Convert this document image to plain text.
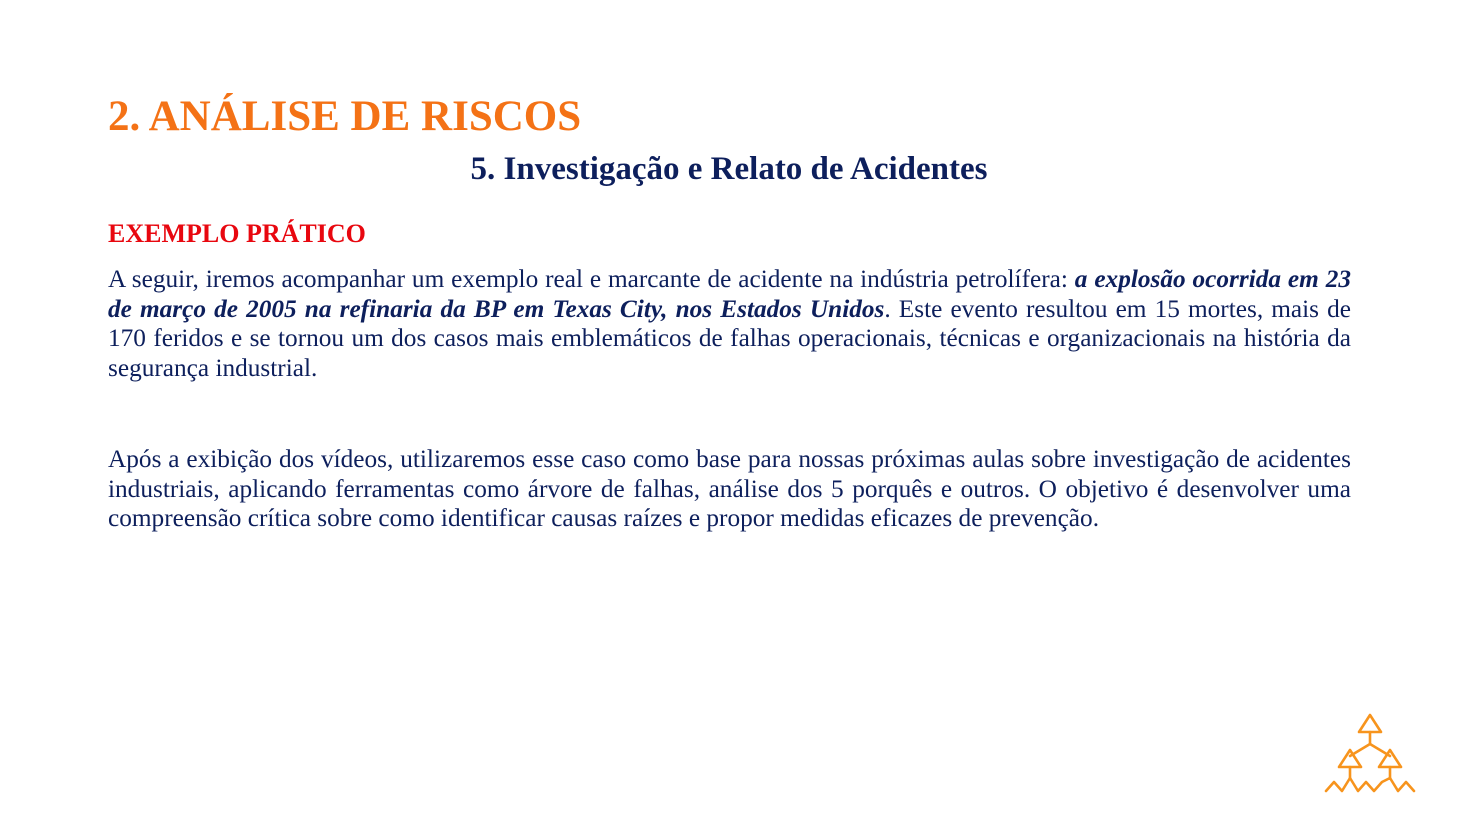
2. ANÁLISE DE RISCOS
5. Investigação e Relato de Acidentes
EXEMPLO PRÁTICO

A seguir, iremos acompanhar um exemplo real e marcante de acidente na indústria petrolífera: a explosão ocorrida em 23 de março de 2005 na refinaria da BP em Texas City, nos Estados Unidos. Este evento resultou em 15 mortes, mais de 170 feridos e se tornou um dos casos mais emblemáticos de falhas operacionais, técnicas e organizacionais na história da segurança industrial.

Após a exibição dos vídeos, utilizaremos esse caso como base para nossas próximas aulas sobre investigação de acidentes industriais, aplicando ferramentas como árvore de falhas, análise dos 5 porquês e outros. O objetivo é desenvolver uma compreensão crítica sobre como identificar causas raízes e propor medidas eficazes de prevenção.
